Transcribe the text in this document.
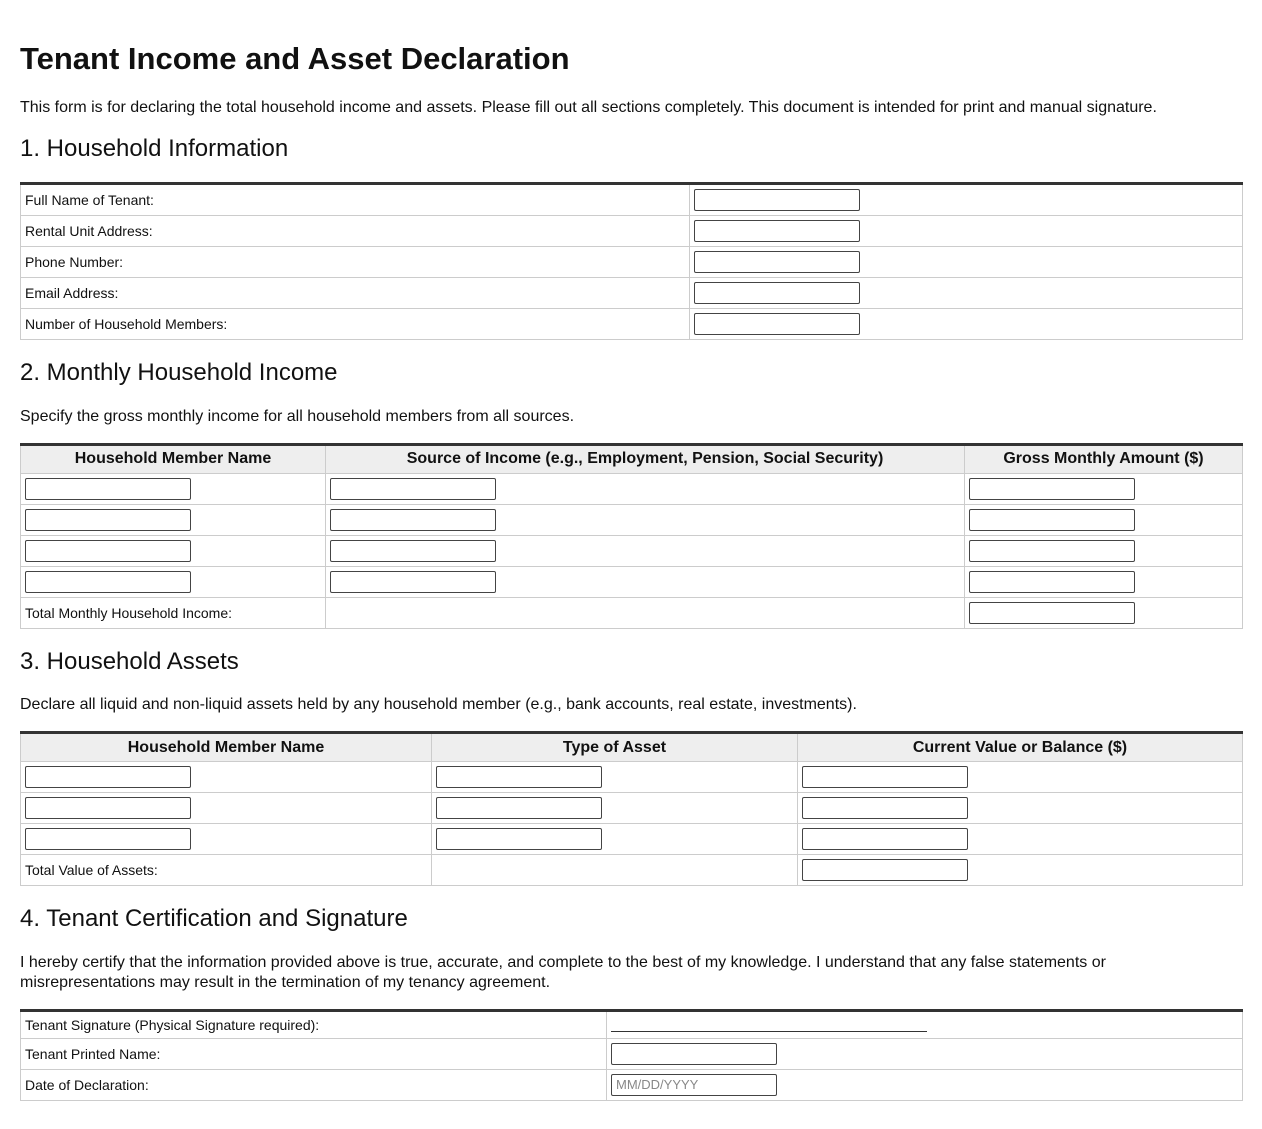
Tenant Income and Asset Declaration

This form is for declaring the total household income and assets. Please fill out all sections completely. This document is intended for print and manual signature.

1. Household Information
Full Name of Tenant:	

Rental Unit Address:	

Phone Number:	

Email Address:	

Number of Household Members:	
2. Monthly Household Income

Specify the gross monthly income for all household members from all sources.

Household Member Name	Source of Income (e.g., Employment, Pension, Social Security)	Gross Monthly Amount ($)

Total Monthly Household Income:		
3. Household Assets

Declare all liquid and non-liquid assets held by any household member (e.g., bank accounts, real estate, investments).

Household Member Name	Type of Asset	Current Value or Balance ($)

Total Value of Assets:		
4. Tenant Certification and Signature

I hereby certify that the information provided above is true, accurate, and complete to the best of my knowledge. I understand that any false statements or misrepresentations may result in the termination of my tenancy agreement.

Tenant Signature (Physical Signature required):	

Tenant Printed Name:	

Date of Declaration:	
MM/DD/YYYY
